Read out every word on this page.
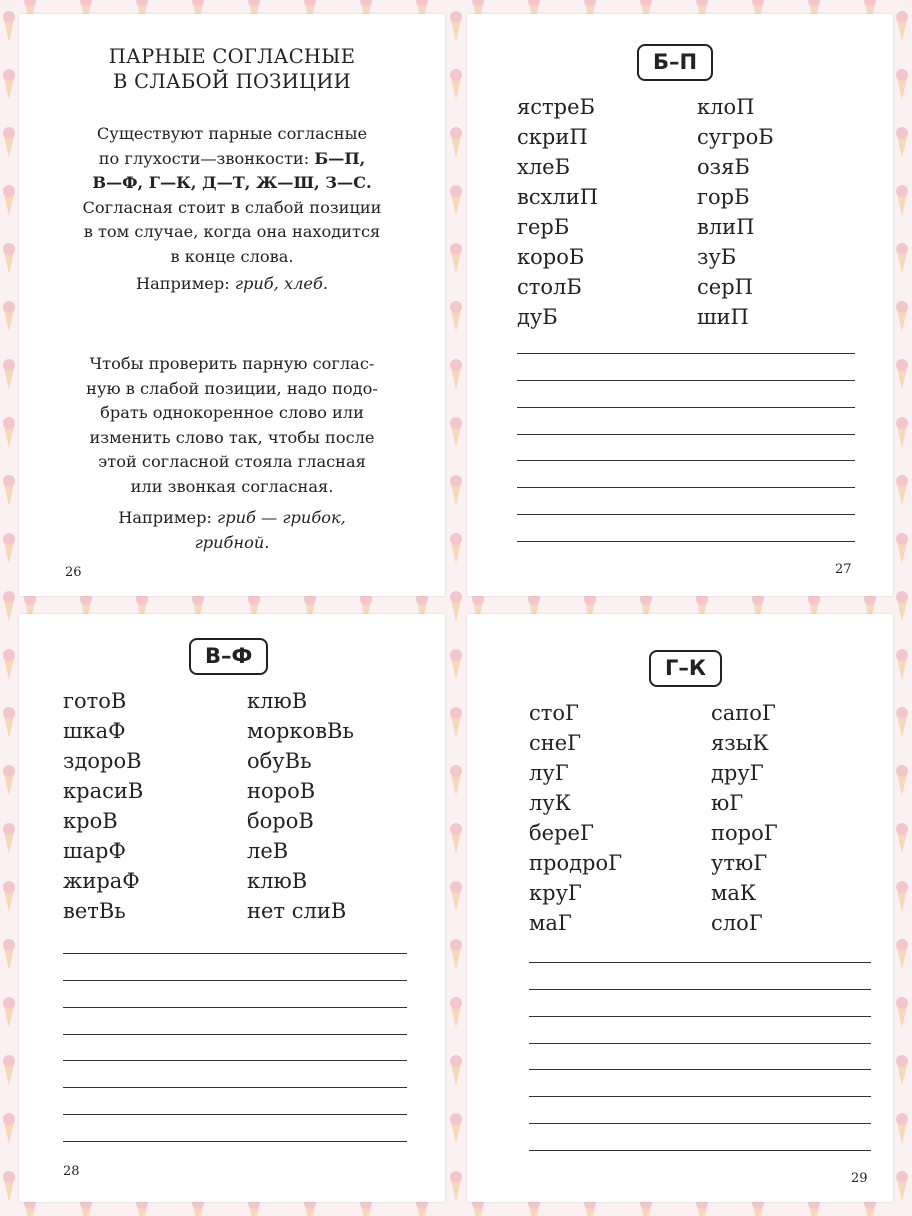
ПАРНЫЕ СОГЛАСНЫЕ
В СЛАБОЙ ПОЗИЦИИ
Существуют парные согласные
по глухости—звонкости: Б—П,
В—Ф, Г—К, Д—Т, Ж—Ш, З—С.
Согласная стоит в слабой позиции
в том случае, когда она находится
в конце слова.
Например: гриб, хлеб.
Чтобы проверить парную соглас-
ную в слабой позиции, надо подо-
брать однокоренное слово или
изменить слово так, чтобы после
этой согласной стояла гласная
или звонкая согласная.
Например: гриб — грибок,
грибной.
26
Б–П
ястреБ
скриП
хлеБ
всхлиП
герБ
короБ
столБ
дуБ
клоП
сугроБ
озяБ
горБ
влиП
зуБ
серП
шиП
27
В–Ф
готоВ
шкаФ
здороВ
красиВ
кроВ
шарФ
жираФ
ветВь
клюВ
морковВь
обуВь
нороВ
бороВ
леВ
клюВ
нет слиВ
28
Г–К
стоГ
снеГ
луГ
луК
береГ
продроГ
круГ
маГ
сапоГ
языК
друГ
юГ
пороГ
утюГ
маК
слоГ
29
